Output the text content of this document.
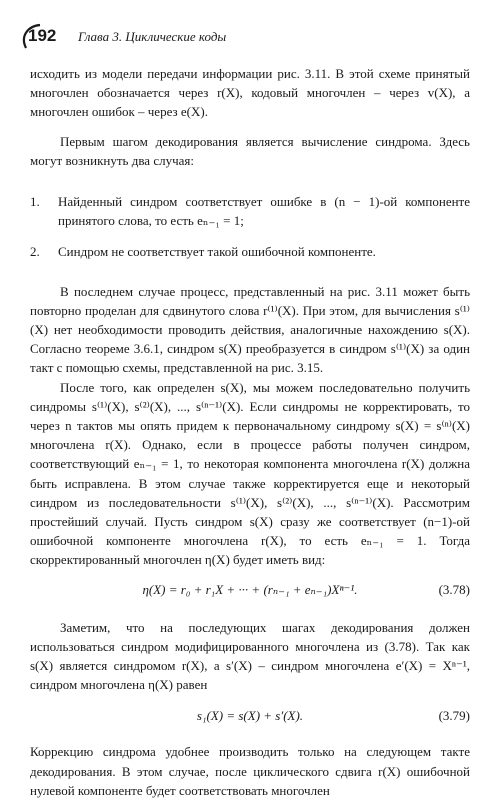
192 Глава 3. Циклические коды

исходить из модели передачи информации рис. 3.11. В этой схеме принятый многочлен обозначается через r(X), кодовый многочлен – через v(X), а многочлен ошибок – через e(X).

Первым шагом декодирования является вычисление синдрома. Здесь могут возникнуть два случая:

1. Найденный синдром соответствует ошибке в (n − 1)-ой компоненте принятого слова, то есть eₙ₋₁ = 1;
2. Синдром не соответствует такой ошибочной компоненте.

В последнем случае процесс, представленный на рис. 3.11 может быть повторно проделан для сдвинутого слова r⁽¹⁾(X). При этом, для вычисления s⁽¹⁾(X) нет необходимости проводить действия, аналогичные нахождению s(X). Согласно теореме 3.6.1, синдром s(X) преобразуется в синдром s⁽¹⁾(X) за один такт с помощью схемы, представленной на рис. 3.15.

После того, как определен s(X), мы можем последовательно получить синдромы s⁽¹⁾(X), s⁽²⁾(X), ..., s⁽ⁿ⁻¹⁾(X). Если синдромы не корректировать, то через n тактов мы опять придем к первоначальному синдрому s(X) = s⁽ⁿ⁾(X) многочлена r(X). Однако, если в процессе работы получен синдром, соответствующий eₙ₋₁ = 1, то некоторая компонента многочлена r(X) должна быть исправлена. В этом случае также корректируется еще и некоторый синдром из последовательности s⁽¹⁾(X), s⁽²⁾(X), ..., s⁽ⁿ⁻¹⁾(X). Рассмотрим простейший случай. Пусть синдром s(X) сразу же соответствует (n−1)-ой ошибочной компоненте многочлена r(X), то есть eₙ₋₁ = 1. Тогда скорректированный многочлен η(X) будет иметь вид:

η(X) = r₀ + r₁X + ··· + (rₙ₋₁ + eₙ₋₁)Xⁿ⁻¹.	(3.78)

Заметим, что на последующих шагах декодирования должен использоваться синдром модифицированного многочлена из (3.78). Так как s(X) является синдромом r(X), а s′(X) – синдром многочлена e′(X) = Xⁿ⁻¹, синдром многочлена η(X) равен

s₁(X) = s(X) + s′(X).	(3.79)

Коррекцию синдрома удобнее производить только на следующем такте декодирования. В этом случае, после циклического сдвига r(X) ошибочной нулевой компоненте будет соответствовать многочлен
